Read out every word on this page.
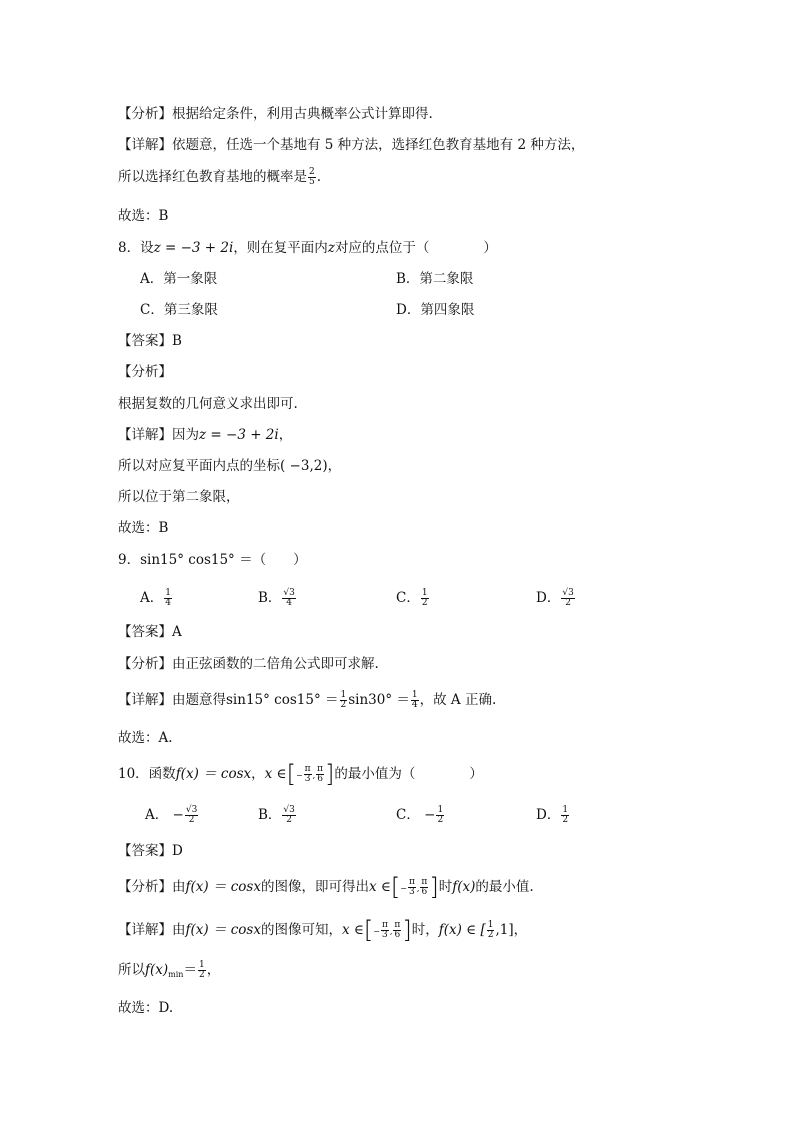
【分析】根据给定条件，利用古典概率公式计算即得.
【详解】依题意，任选一个基地有 5 种方法，选择红色教育基地有 2 种方法，
所以选择红色教育基地的概率是 $\frac{2}{5}$ .
故选：B
8．设z = −3 + 2i，则在复平面内z对应的点位于（　　　　）
A．第一象限	B．第二象限
C．第三象限	D．第四象限
【答案】B
【分析】
根据复数的几何意义求出即可.
【详解】因为z = −3 + 2i，
所以对应复平面内点的坐标( −3,2)，
所以位于第二象限，
故选：B
9．sin15° cos15° ＝（　　）
A． $\frac{1}{4}$	B． $\frac{√3}{4}$	C． $\frac{1}{2}$	D． $\frac{√3}{2}$
【答案】A
【分析】由正弦函数的二倍角公式即可求解.
【详解】由题意得sin15° $\cos 15^\circ = \frac{1}{2} \sin 30^\circ = \frac{1}{4}$ ，故 A 正确.
故选：A.
10．函数f(x) ＝ cosx，x ∈[− $\frac{\pi}{3}$ , $\frac{\pi}{6}$ ]的最小值为（　　　　）
A． − $\frac{√3}{2}$	B． $\frac{√3}{2}$	C． − $\frac{1}{2}$	D． $\frac{1}{2}$
【答案】D
【分析】由f(x) ＝ cosx的图像，即可得出x ∈[− $\frac{\pi}{3}$ , $\frac{\pi}{6}$ ]时f(x)的最小值.
【详解】由f(x) ＝ cosx的图像可知，x ∈[− $\frac{\pi}{3}$ , $\frac{\pi}{6}$ ]时，f(x) ∈ [ $\frac{1}{2} ,1$]，
所以$f(x)_{min}= \frac{1}{2}$ ，
故选：D.
